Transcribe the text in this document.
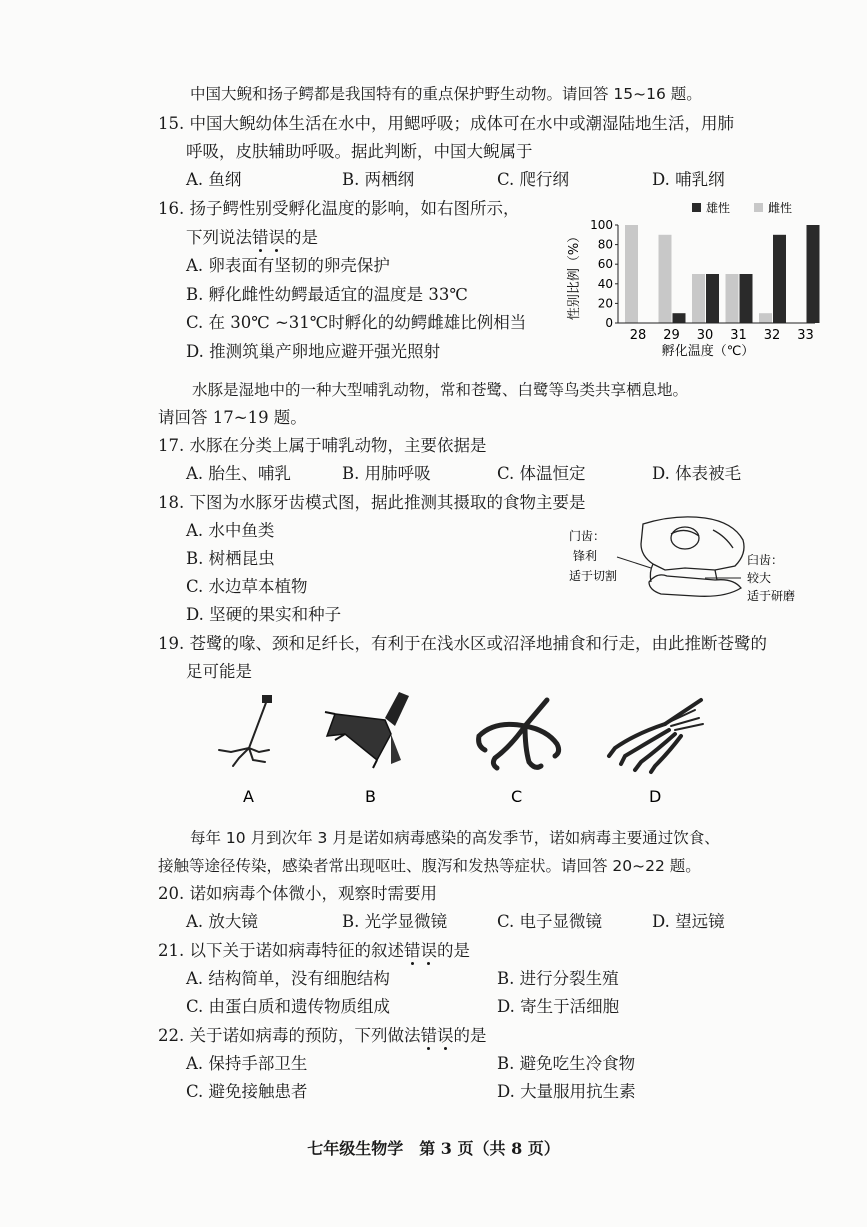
中国大鲵和扬子鳄都是我国特有的重点保护野生动物。请回答 15~16 题。
15. 中国大鲵幼体生活在水中，用鳃呼吸；成体可在水中或潮湿陆地生活，用肺
呼吸，皮肤辅助呼吸。据此判断，中国大鲵属于
A. 鱼纲	B. 两栖纲	C. 爬行纲	D. 哺乳纲
16. 扬子鳄性别受孵化温度的影响，如右图所示，
下列说法错误的是
A. 卵表面有坚韧的卵壳保护
B. 孵化雌性幼鳄最适宜的温度是 33℃
C. 在 30℃ ~31℃时孵化的幼鳄雌雄比例相当
D. 推测筑巢产卵地应避开强光照射
性别比例（%）
雄性	雌性
0
20
40
60
80
100
28 29 30 31 32 33
孵化温度（℃）
水豚是湿地中的一种大型哺乳动物，常和苍鹭、白鹭等鸟类共享栖息地。
请回答 17~19 题。
17. 水豚在分类上属于哺乳动物，主要依据是
A. 胎生、哺乳	B. 用肺呼吸	C. 体温恒定	D. 体表被毛
18. 下图为水豚牙齿模式图，据此推测其摄取的食物主要是
A. 水中鱼类
B. 树栖昆虫
C. 水边草本植物
D. 坚硬的果实和种子
门齿：
锋利
适于切割
臼齿：
较大
适于研磨
19. 苍鹭的喙、颈和足纤长，有利于在浅水区或沼泽地捕食和行走，由此推断苍鹭的
足可能是
A	B	C	D
每年 10 月到次年 3 月是诺如病毒感染的高发季节，诺如病毒主要通过饮食、
接触等途径传染，感染者常出现呕吐、腹泻和发热等症状。请回答 20~22 题。
20. 诺如病毒个体微小，观察时需要用
A. 放大镜	B. 光学显微镜	C. 电子显微镜	D. 望远镜
21. 以下关于诺如病毒特征的叙述错误的是
A. 结构简单，没有细胞结构	B. 进行分裂生殖
C. 由蛋白质和遗传物质组成	D. 寄生于活细胞
22. 关于诺如病毒的预防，下列做法错误的是
A. 保持手部卫生	B. 避免吃生冷食物
C. 避免接触患者	D. 大量服用抗生素
七年级生物学　第 3 页（共 8 页）
